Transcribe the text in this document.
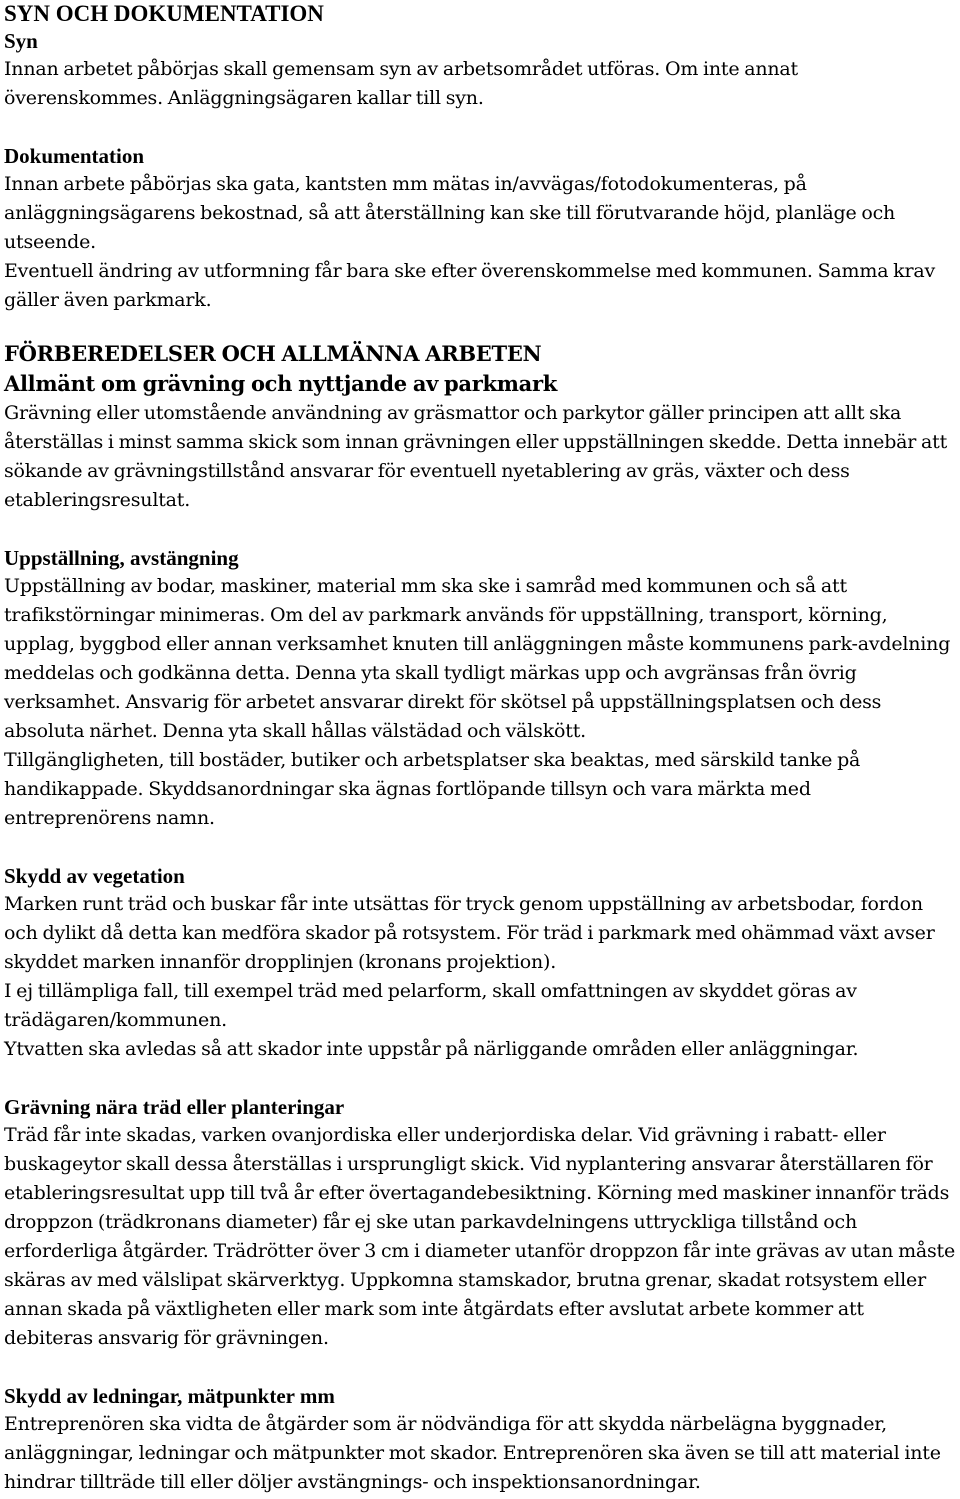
SYN OCH DOKUMENTATION
Syn

Innan arbetet påbörjas skall gemensam syn av arbetsområdet utföras. Om inte annat överenskommes. Anläggningsägaren kallar till syn.

Dokumentation

Innan arbete påbörjas ska gata, kantsten mm mätas in/avvägas/fotodokumenteras, på anläggningsägarens bekostnad, så att återställning kan ske till förutvarande höjd, planläge och utseende.

Eventuell ändring av utformning får bara ske efter överenskommelse med kommunen. Samma krav gäller även parkmark.

FÖRBEREDELSER OCH ALLMÄNNA ARBETEN
Allmänt om grävning och nyttjande av parkmark

Grävning eller utomstående användning av gräsmattor och parkytor gäller principen att allt ska återställas i minst samma skick som innan grävningen eller uppställningen skedde. Detta innebär att sökande av grävningstillstånd ansvarar för eventuell nyetablering av gräs, växter och dess etableringsresultat.

Uppställning, avstängning

Uppställning av bodar, maskiner, material mm ska ske i samråd med kommunen och så att trafikstörningar minimeras. Om del av parkmark används för uppställning, transport, körning, upplag, byggbod eller annan verksamhet knuten till anläggningen måste kommunens park-avdelning meddelas och godkänna detta. Denna yta skall tydligt märkas upp och avgränsas från övrig verksamhet. Ansvarig för arbetet ansvarar direkt för skötsel på uppställningsplatsen och dess absoluta närhet. Denna yta skall hållas välstädad och välskött.

Tillgängligheten, till bostäder, butiker och arbetsplatser ska beaktas, med särskild tanke på handikappade. Skyddsanordningar ska ägnas fortlöpande tillsyn och vara märkta med entreprenörens namn.

Skydd av vegetation

Marken runt träd och buskar får inte utsättas för tryck genom uppställning av arbetsbodar, fordon och dylikt då detta kan medföra skador på rotsystem. För träd i parkmark med ohämmad växt avser skyddet marken innanför dropplinjen (kronans projektion).

I ej tillämpliga fall, till exempel träd med pelarform, skall omfattningen av skyddet göras av trädägaren/kommunen.

Ytvatten ska avledas så att skador inte uppstår på närliggande områden eller anläggningar.

Grävning nära träd eller planteringar

Träd får inte skadas, varken ovanjordiska eller underjordiska delar. Vid grävning i rabatt- eller buskageytor skall dessa återställas i ursprungligt skick. Vid nyplantering ansvarar återställaren för etableringsresultat upp till två år efter övertagandebesiktning. Körning med maskiner innanför träds droppzon (trädkronans diameter) får ej ske utan parkavdelningens uttryckliga tillstånd och erforderliga åtgärder. Trädrötter över 3 cm i diameter utanför droppzon får inte grävas av utan måste skäras av med välslipat skärverktyg. Uppkomna stamskador, brutna grenar, skadat rotsystem eller annan skada på växtligheten eller mark som inte åtgärdats efter avslutat arbete kommer att debiteras ansvarig för grävningen.

Skydd av ledningar, mätpunkter mm

Entreprenören ska vidta de åtgärder som är nödvändiga för att skydda närbelägna byggnader, anläggningar, ledningar och mätpunkter mot skador. Entreprenören ska även se till att material inte hindrar tillträde till eller döljer avstängnings- och inspektionsanordningar.
